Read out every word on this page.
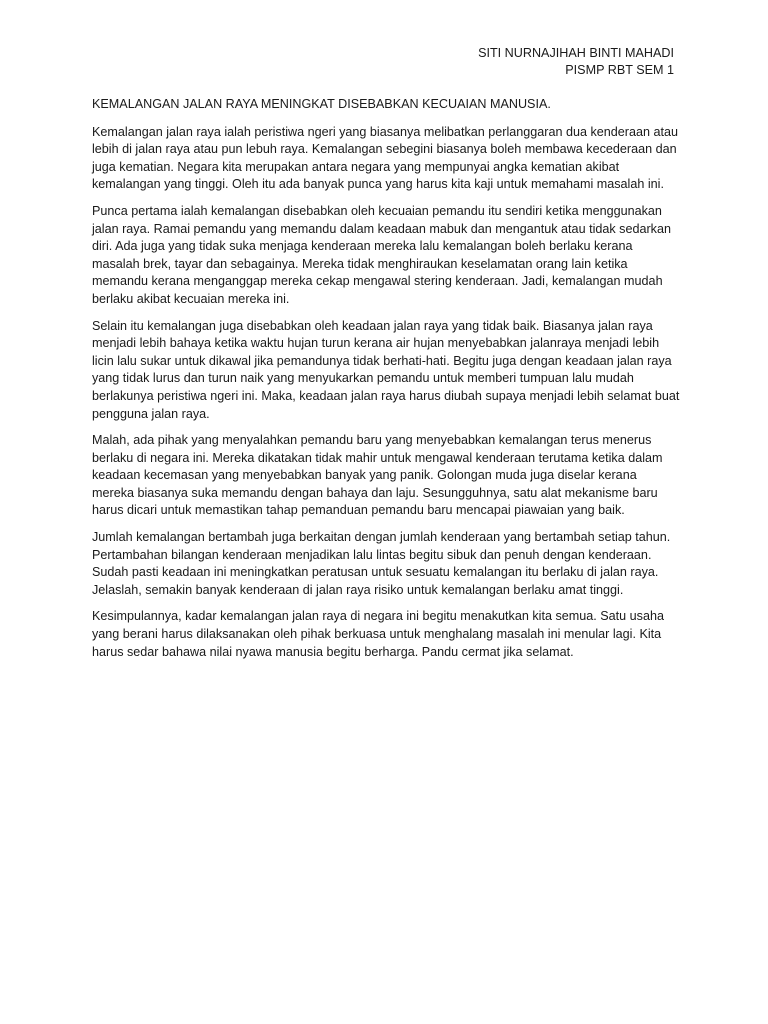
SITI NURNAJIHAH BINTI MAHADI
PISMP RBT SEM 1

KEMALANGAN JALAN RAYA MENINGKAT DISEBABKAN KECUAIAN MANUSIA.

Kemalangan jalan raya ialah peristiwa ngeri yang biasanya melibatkan perlanggaran dua kenderaan atau lebih di jalan raya atau pun lebuh raya. Kemalangan sebegini biasanya boleh membawa kecederaan dan juga kematian. Negara kita merupakan antara negara yang mempunyai angka kematian akibat kemalangan yang tinggi. Oleh itu ada banyak punca yang harus kita kaji untuk memahami masalah ini.

Punca pertama ialah kemalangan disebabkan oleh kecuaian pemandu itu sendiri ketika menggunakan jalan raya. Ramai pemandu yang memandu dalam keadaan mabuk dan mengantuk atau tidak sedarkan diri. Ada juga yang tidak suka menjaga kenderaan mereka lalu kemalangan boleh berlaku kerana masalah brek, tayar dan sebagainya. Mereka tidak menghiraukan keselamatan orang lain ketika memandu kerana menganggap mereka cekap mengawal stering kenderaan. Jadi, kemalangan mudah berlaku akibat kecuaian mereka ini.

Selain itu kemalangan juga disebabkan oleh keadaan jalan raya yang tidak baik. Biasanya jalan raya menjadi lebih bahaya ketika waktu hujan turun kerana air hujan menyebabkan jalanraya menjadi lebih licin lalu sukar untuk dikawal jika pemandunya tidak berhati-hati. Begitu juga dengan keadaan jalan raya yang tidak lurus dan turun naik yang menyukarkan pemandu untuk memberi tumpuan lalu mudah berlakunya peristiwa ngeri ini. Maka, keadaan jalan raya harus diubah supaya menjadi lebih selamat buat pengguna jalan raya.

Malah, ada pihak yang menyalahkan pemandu baru yang menyebabkan kemalangan terus menerus berlaku di negara ini. Mereka dikatakan tidak mahir untuk mengawal kenderaan terutama ketika dalam keadaan kecemasan yang menyebabkan banyak yang panik. Golongan muda juga diselar kerana mereka biasanya suka memandu dengan bahaya dan laju. Sesungguhnya, satu alat mekanisme baru harus dicari untuk memastikan tahap pemanduan pemandu baru mencapai piawaian yang baik.

Jumlah kemalangan bertambah juga berkaitan dengan jumlah kenderaan yang bertambah setiap tahun. Pertambahan bilangan kenderaan menjadikan lalu lintas begitu sibuk dan penuh dengan kenderaan. Sudah pasti keadaan ini meningkatkan peratusan untuk sesuatu kemalangan itu berlaku di jalan raya. Jelaslah, semakin banyak kenderaan di jalan raya risiko untuk kemalangan berlaku amat tinggi.

Kesimpulannya, kadar kemalangan jalan raya di negara ini begitu menakutkan kita semua. Satu usaha yang berani harus dilaksanakan oleh pihak berkuasa untuk menghalang masalah ini menular lagi. Kita harus sedar bahawa nilai nyawa manusia begitu berharga. Pandu cermat jika selamat.
